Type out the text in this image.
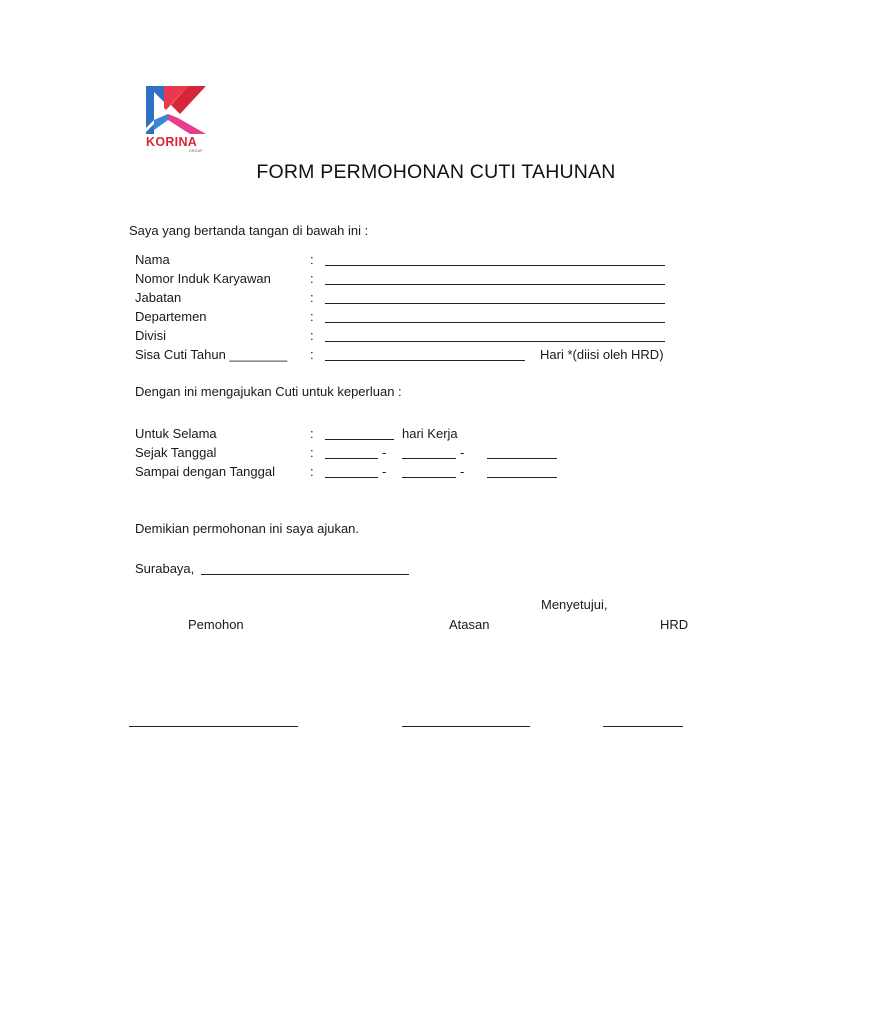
KORINA
GROUP
FORM PERMOHONAN CUTI TAHUNAN
Saya yang bertanda tangan di bawah ini :
Nama	:
Nomor Induk Karyawan	:
Jabatan	:
Departemen	:
Divisi	:
Sisa Cuti Tahun ________ :	Hari *(diisi oleh HRD)
Dengan ini mengajukan Cuti untuk keperluan :
Untuk Selama	:	hari Kerja
Sejak Tanggal	:	-	-
Sampai dengan Tanggal	:	-	-
Demikian permohonan ini saya ajukan.
Surabaya,
Menyetujui,
Pemohon	Atasan	HRD
